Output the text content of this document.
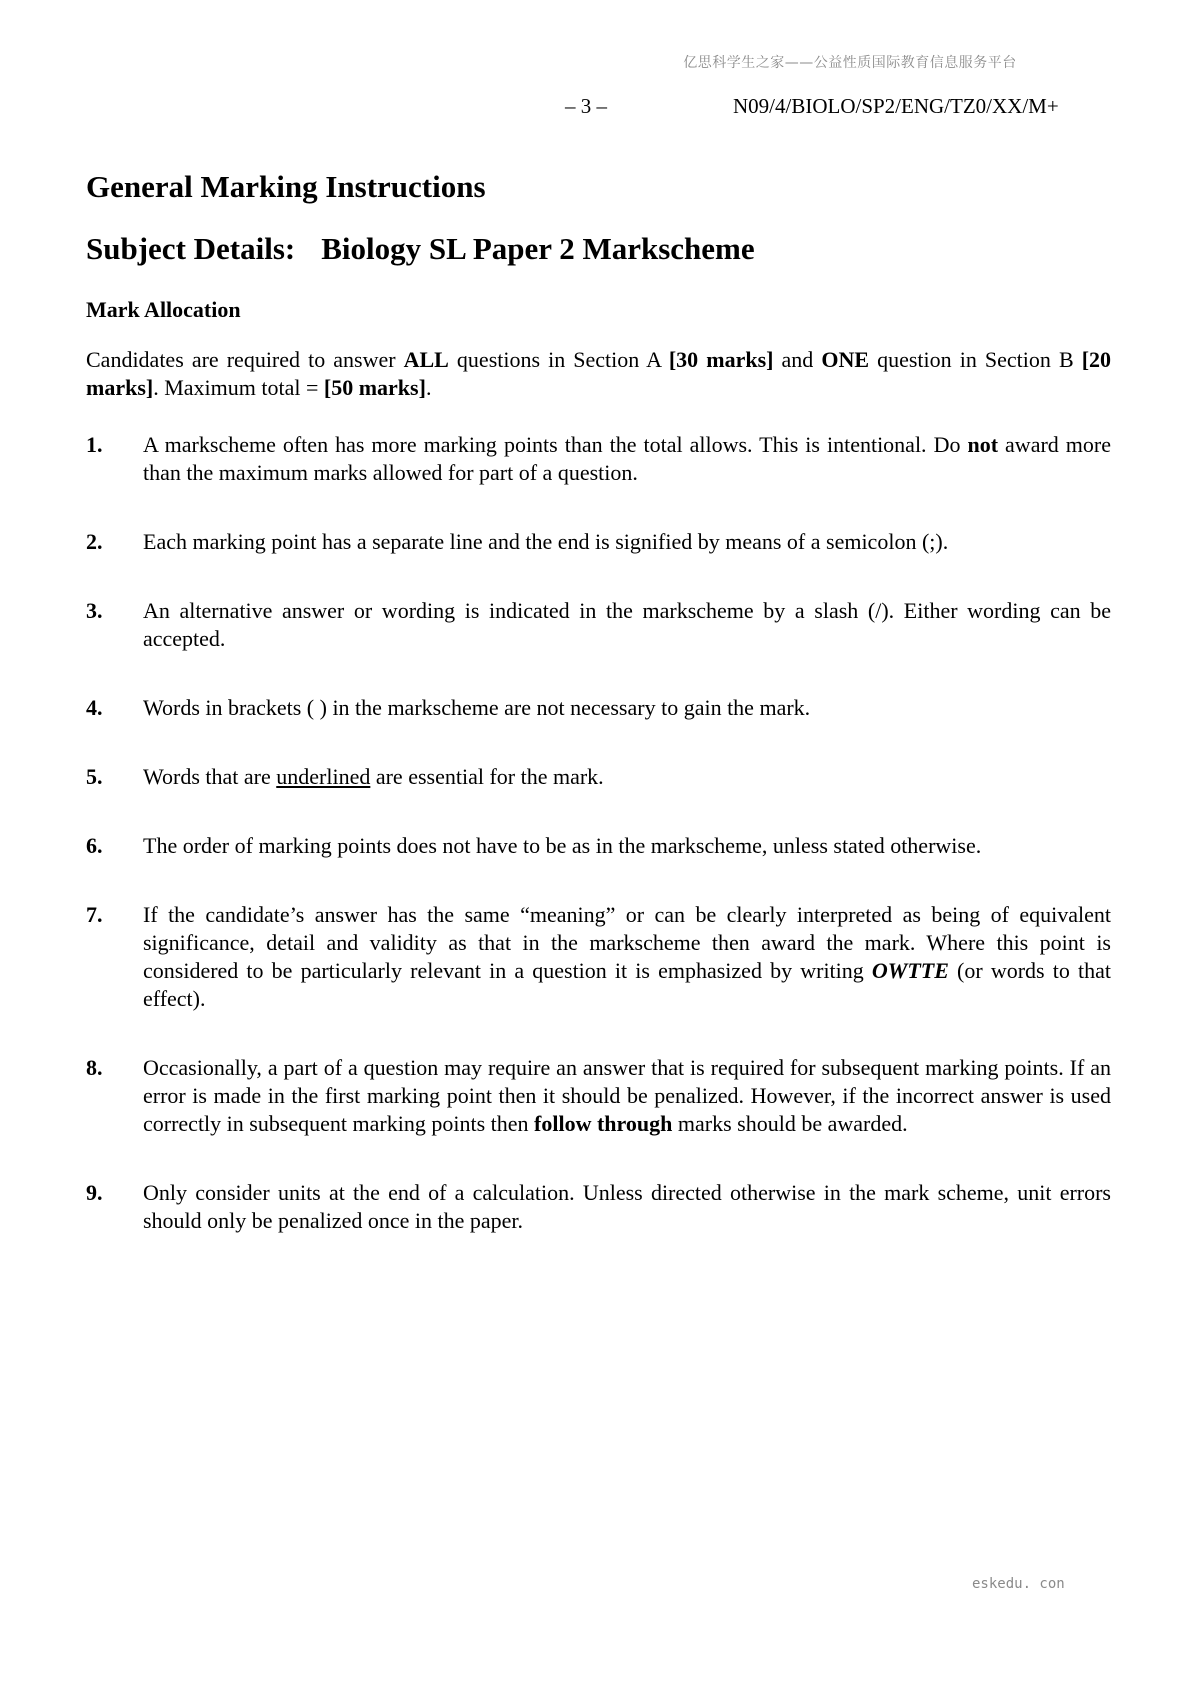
亿思科学生之家——公益性质国际教育信息服务平台
– 3 –	N09/4/BIOLO/SP2/ENG/TZ0/XX/M+
General Marking Instructions
Subject Details: Biology SL Paper 2 Markscheme
Mark Allocation

Candidates are required to answer ALL questions in Section A [30 marks] and ONE question in Section B [20 marks]. Maximum total = [50 marks].

1.	A markscheme often has more marking points than the total allows. This is intentional. Do not award more than the maximum marks allowed for part of a question.
2.	Each marking point has a separate line and the end is signified by means of a semicolon (;).
3.	An alternative answer or wording is indicated in the markscheme by a slash (/). Either wording can be accepted.
4.	Words in brackets ( ) in the markscheme are not necessary to gain the mark.
5.	Words that are underlined are essential for the mark.
6.	The order of marking points does not have to be as in the markscheme, unless stated otherwise.
7.	If the candidate’s answer has the same “meaning” or can be clearly interpreted as being of equivalent significance, detail and validity as that in the markscheme then award the mark. Where this point is considered to be particularly relevant in a question it is emphasized by writing OWTTE (or words to that effect).
8.	Occasionally, a part of a question may require an answer that is required for subsequent marking points. If an error is made in the first marking point then it should be penalized. However, if the incorrect answer is used correctly in subsequent marking points then follow through marks should be awarded.
9.	Only consider units at the end of a calculation. Unless directed otherwise in the mark scheme, unit errors should only be penalized once in the paper.
eskedu. con
